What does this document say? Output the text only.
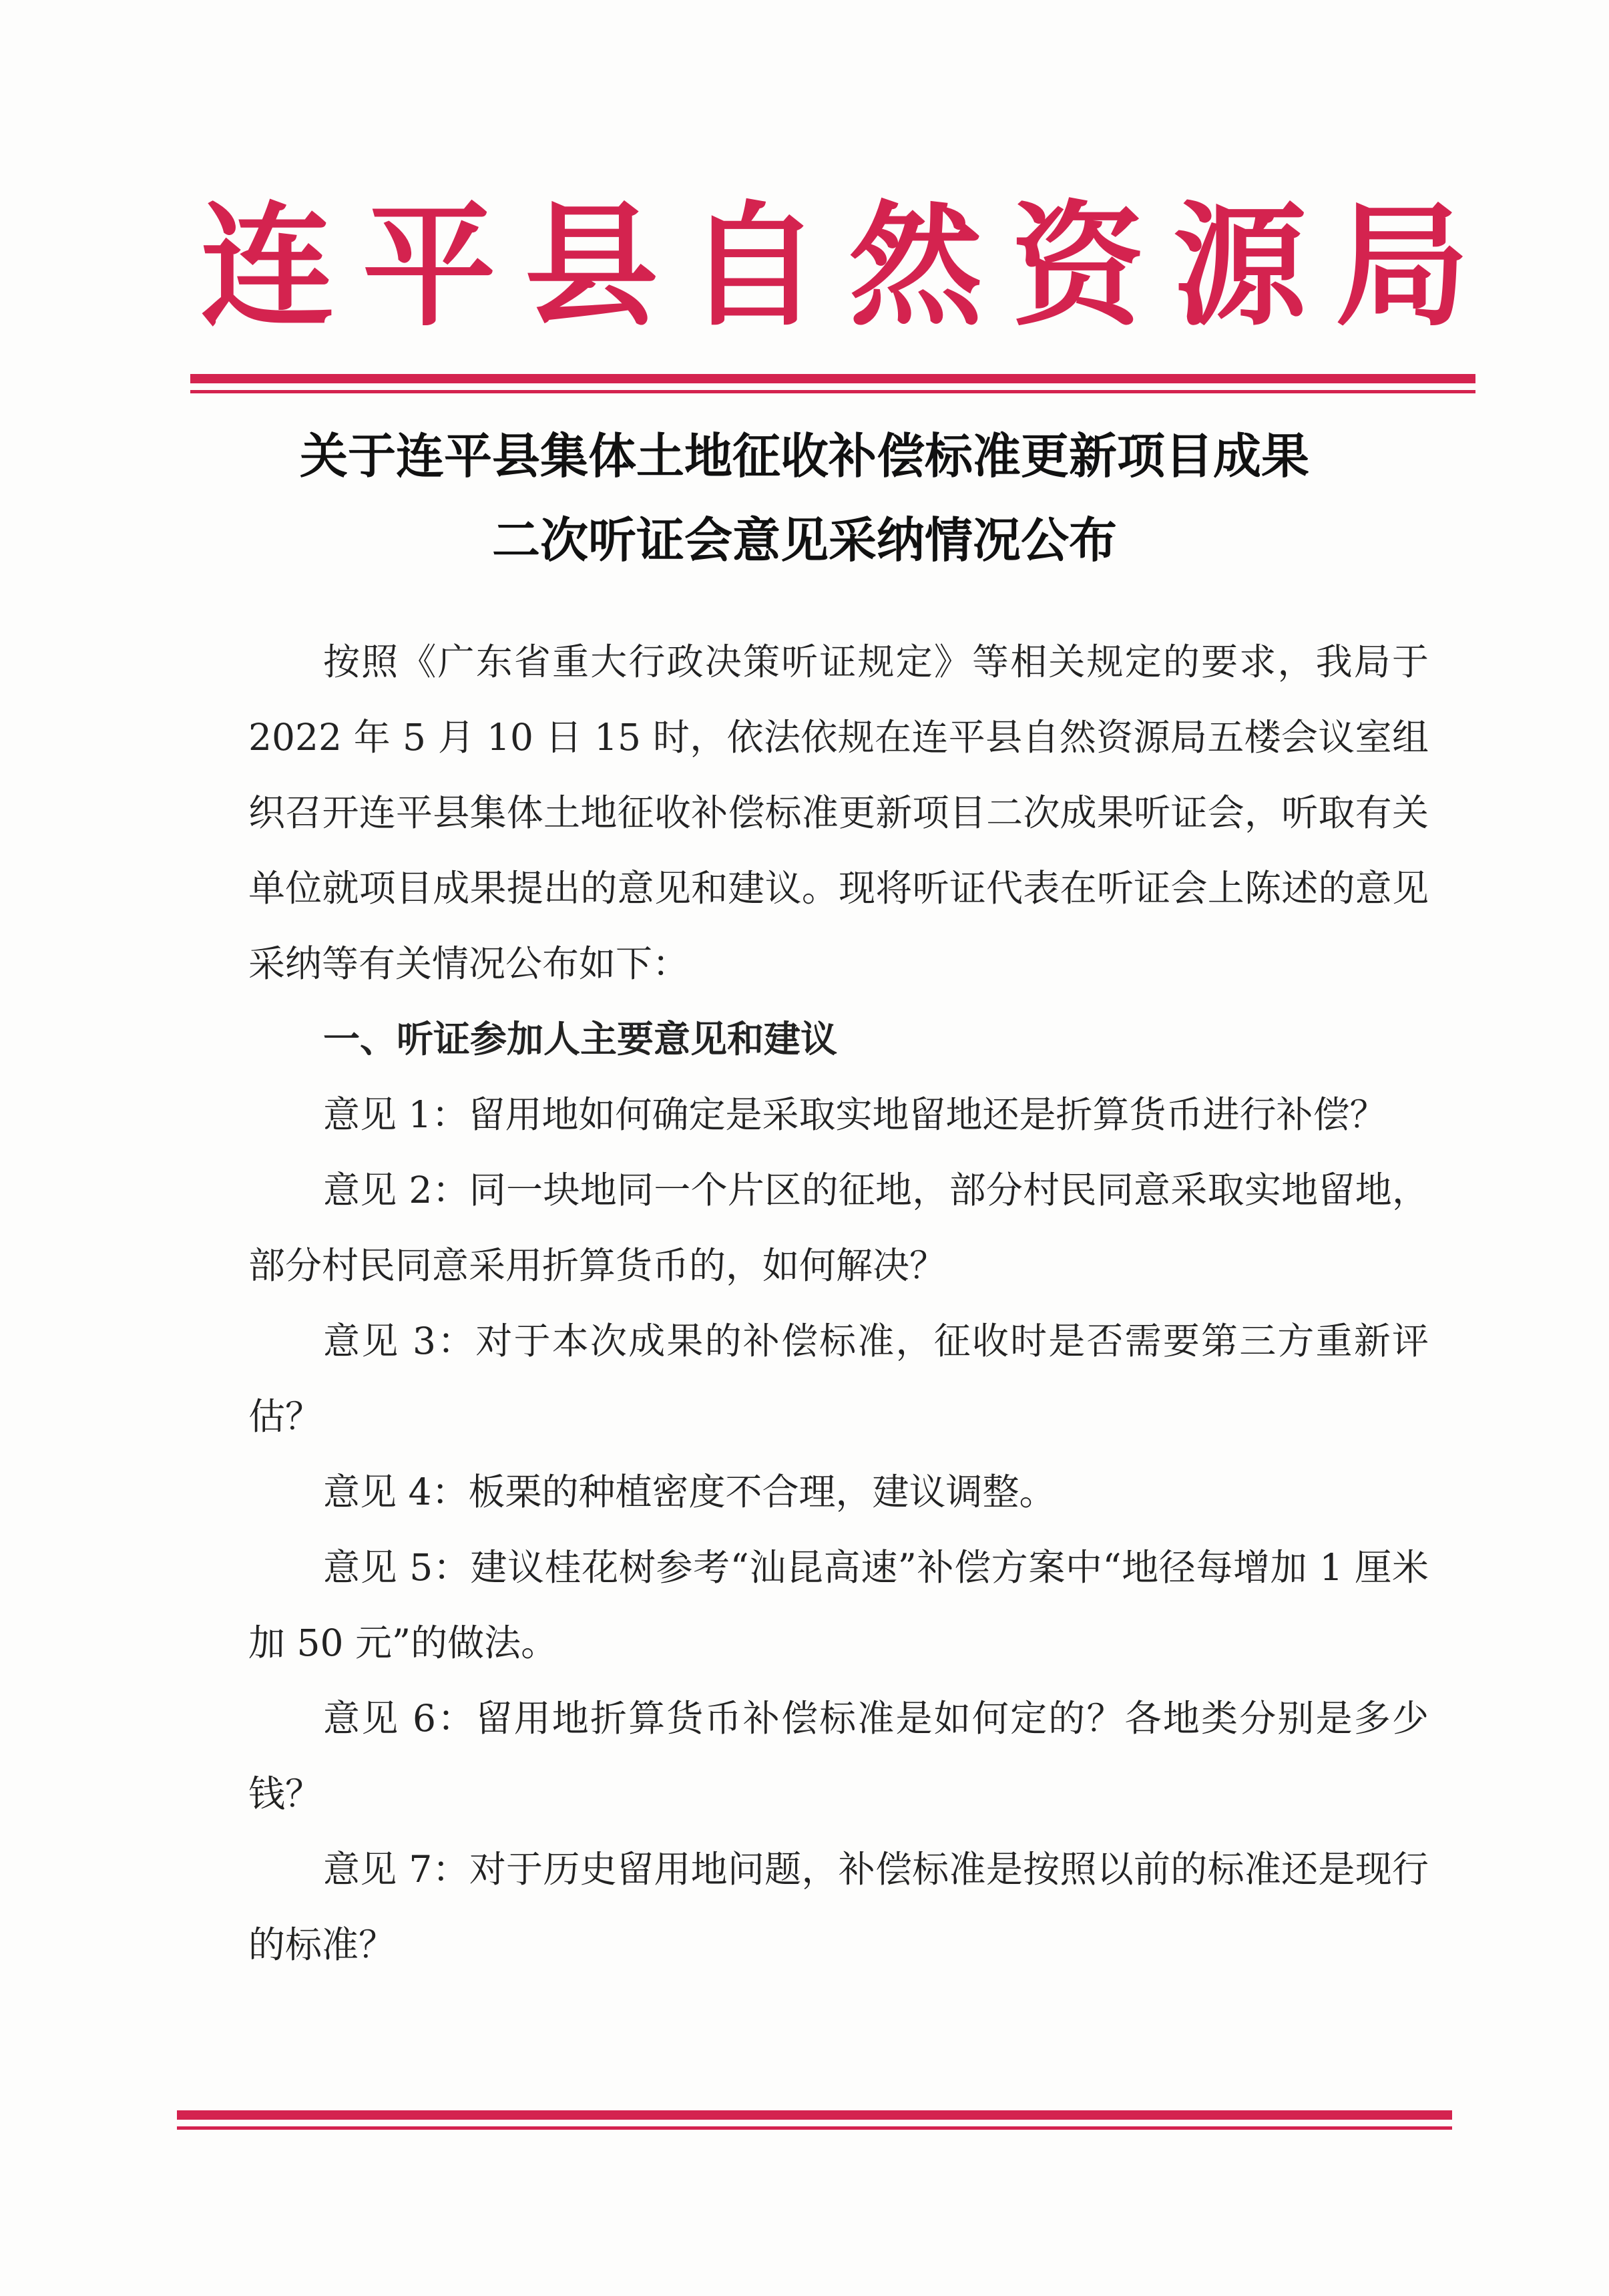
连 平 县 自 然 资 源 局
关于连平县集体土地征收补偿标准更新项目成果
二次听证会意见采纳情况公布

按照《广东省重大行政决策听证规定》等相关规定的要求，我局于 2022 年 5 月 10 日 15 时，依法依规在连平县自然资源局五楼会议室组织召开连平县集体土地征收补偿标准更新项目二次成果听证会，听取有关单位就项目成果提出的意见和建议。现将听证代表在听证会上陈述的意见采纳等有关情况公布如下：

一、听证参加人主要意见和建议

意见 1：留用地如何确定是采取实地留地还是折算货币进行补偿？

意见 2：同一块地同一个片区的征地，部分村民同意采取实地留地，部分村民同意采用折算货币的，如何解决？

意见 3：对于本次成果的补偿标准，征收时是否需要第三方重新评估？

意见 4：板栗的种植密度不合理，建议调整。

意见 5：建议桂花树参考“汕昆高速”补偿方案中“地径每增加 1 厘米加 50 元”的做法。

意见 6：留用地折算货币补偿标准是如何定的？各地类分别是多少钱？

意见 7：对于历史留用地问题，补偿标准是按照以前的标准还是现行的标准？
